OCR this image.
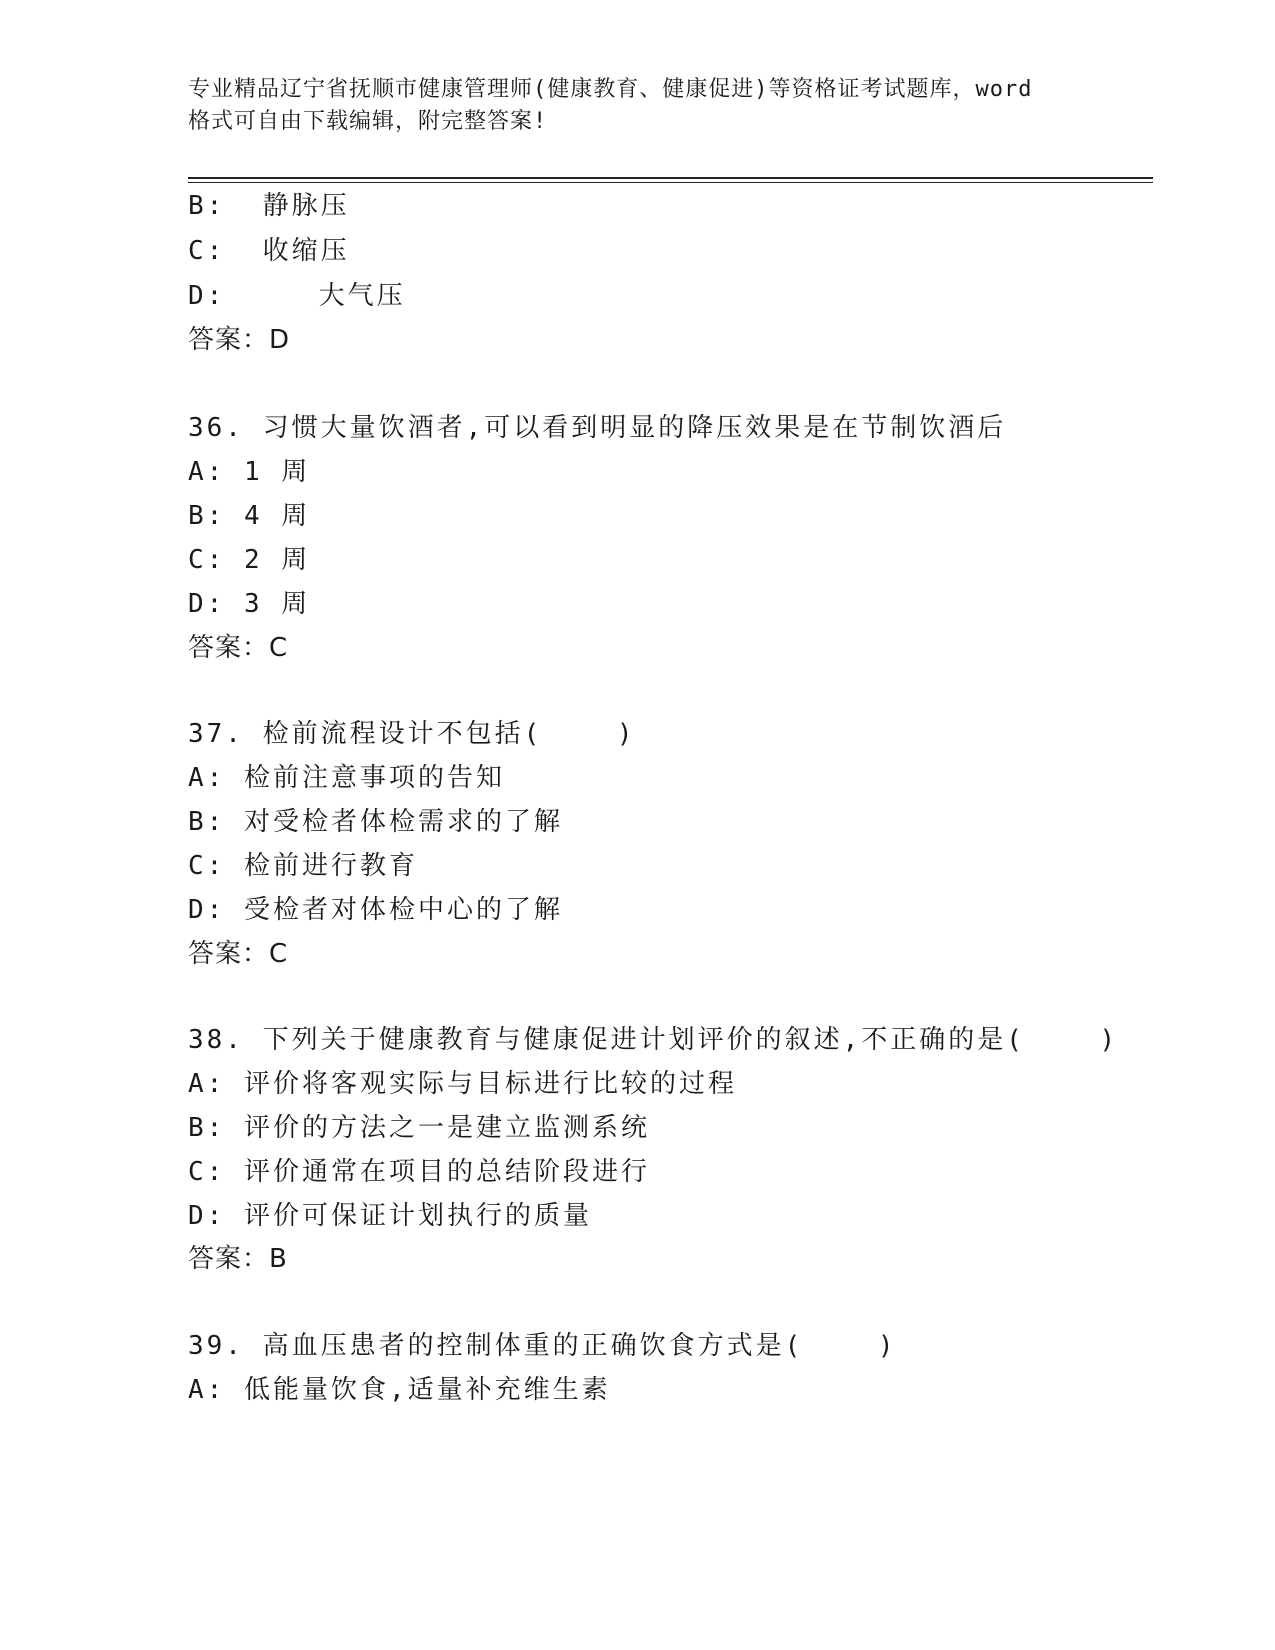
专业精品辽宁省抚顺市健康管理师(健康教育、健康促进)等资格证考试题库，word
格式可自由下载编辑，附完整答案!
B:  静脉压
C:  收缩压
D:     大气压
答案：D
36. 习惯大量饮酒者,可以看到明显的降压效果是在节制饮酒后
A: 1 周
B: 4 周
C: 2 周
D: 3 周
答案：C
37. 检前流程设计不包括(    )
A: 检前注意事项的告知
B: 对受检者体检需求的了解
C: 检前进行教育
D: 受检者对体检中心的了解
答案：C
38. 下列关于健康教育与健康促进计划评价的叙述,不正确的是(    )
A: 评价将客观实际与目标进行比较的过程
B: 评价的方法之一是建立监测系统
C: 评价通常在项目的总结阶段进行
D: 评价可保证计划执行的质量
答案：B
39. 高血压患者的控制体重的正确饮食方式是(    )
A: 低能量饮食,适量补充维生素
